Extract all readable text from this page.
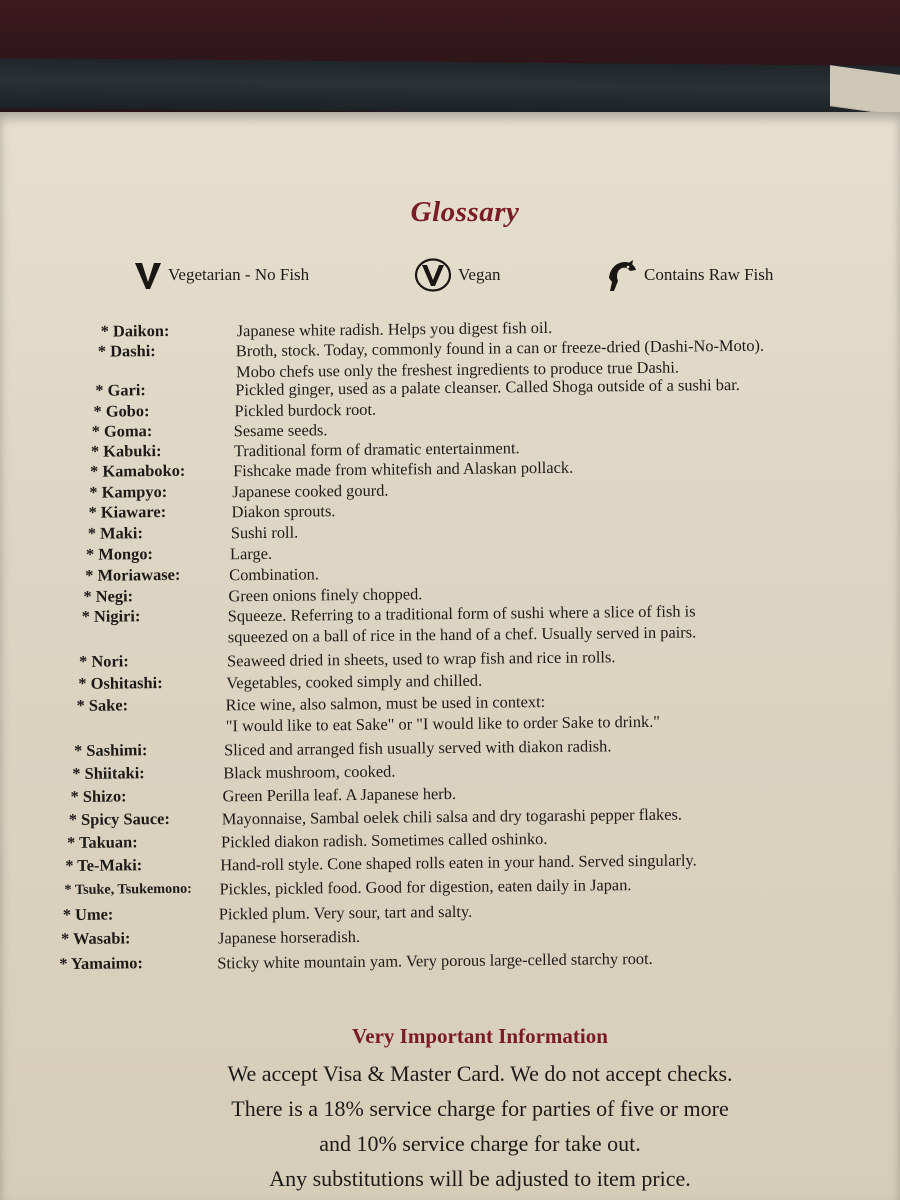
Glossary
Vegetarian - No Fish	Vegan	Contains Raw Fish
* Daikon:	Japanese white radish. Helps you digest fish oil.
* Dashi:	Broth, stock. Today, commonly found in a can or freeze-dried (Dashi-No-Moto).
Mobo chefs use only the freshest ingredients to produce true Dashi.
* Gari:	Pickled ginger, used as a palate cleanser. Called Shoga outside of a sushi bar.
* Gobo:	Pickled burdock root.
* Goma:	Sesame seeds.
* Kabuki:	Traditional form of dramatic entertainment.
* Kamaboko:	Fishcake made from whitefish and Alaskan pollack.
* Kampyo:	Japanese cooked gourd.
* Kiaware:	Diakon sprouts.
* Maki:	Sushi roll.
* Mongo:	Large.
* Moriawase:	Combination.
* Negi:	Green onions finely chopped.
* Nigiri:	Squeeze. Referring to a traditional form of sushi where a slice of fish is
squeezed on a ball of rice in the hand of a chef. Usually served in pairs.
* Nori:	Seaweed dried in sheets, used to wrap fish and rice in rolls.
* Oshitashi:	Vegetables, cooked simply and chilled.
* Sake:	Rice wine, also salmon, must be used in context:
"I would like to eat Sake" or "I would like to order Sake to drink."
* Sashimi:	Sliced and arranged fish usually served with diakon radish.
* Shiitaki:	Black mushroom, cooked.
* Shizo:	Green Perilla leaf. A Japanese herb.
* Spicy Sauce:	Mayonnaise, Sambal oelek chili salsa and dry togarashi pepper flakes.
* Takuan:	Pickled diakon radish. Sometimes called oshinko.
* Te-Maki:	Hand-roll style. Cone shaped rolls eaten in your hand. Served singularly.
* Tsuke, Tsukemono: Pickles, pickled food. Good for digestion, eaten daily in Japan.
* Ume:	Pickled plum. Very sour, tart and salty.
* Wasabi:	Japanese horseradish.
* Yamaimo:	Sticky white mountain yam. Very porous large-celled starchy root.
Very Important Information
We accept Visa & Master Card. We do not accept checks.
There is a 18% service charge for parties of five or more
and 10% service charge for take out.
Any substitutions will be adjusted to item price.
